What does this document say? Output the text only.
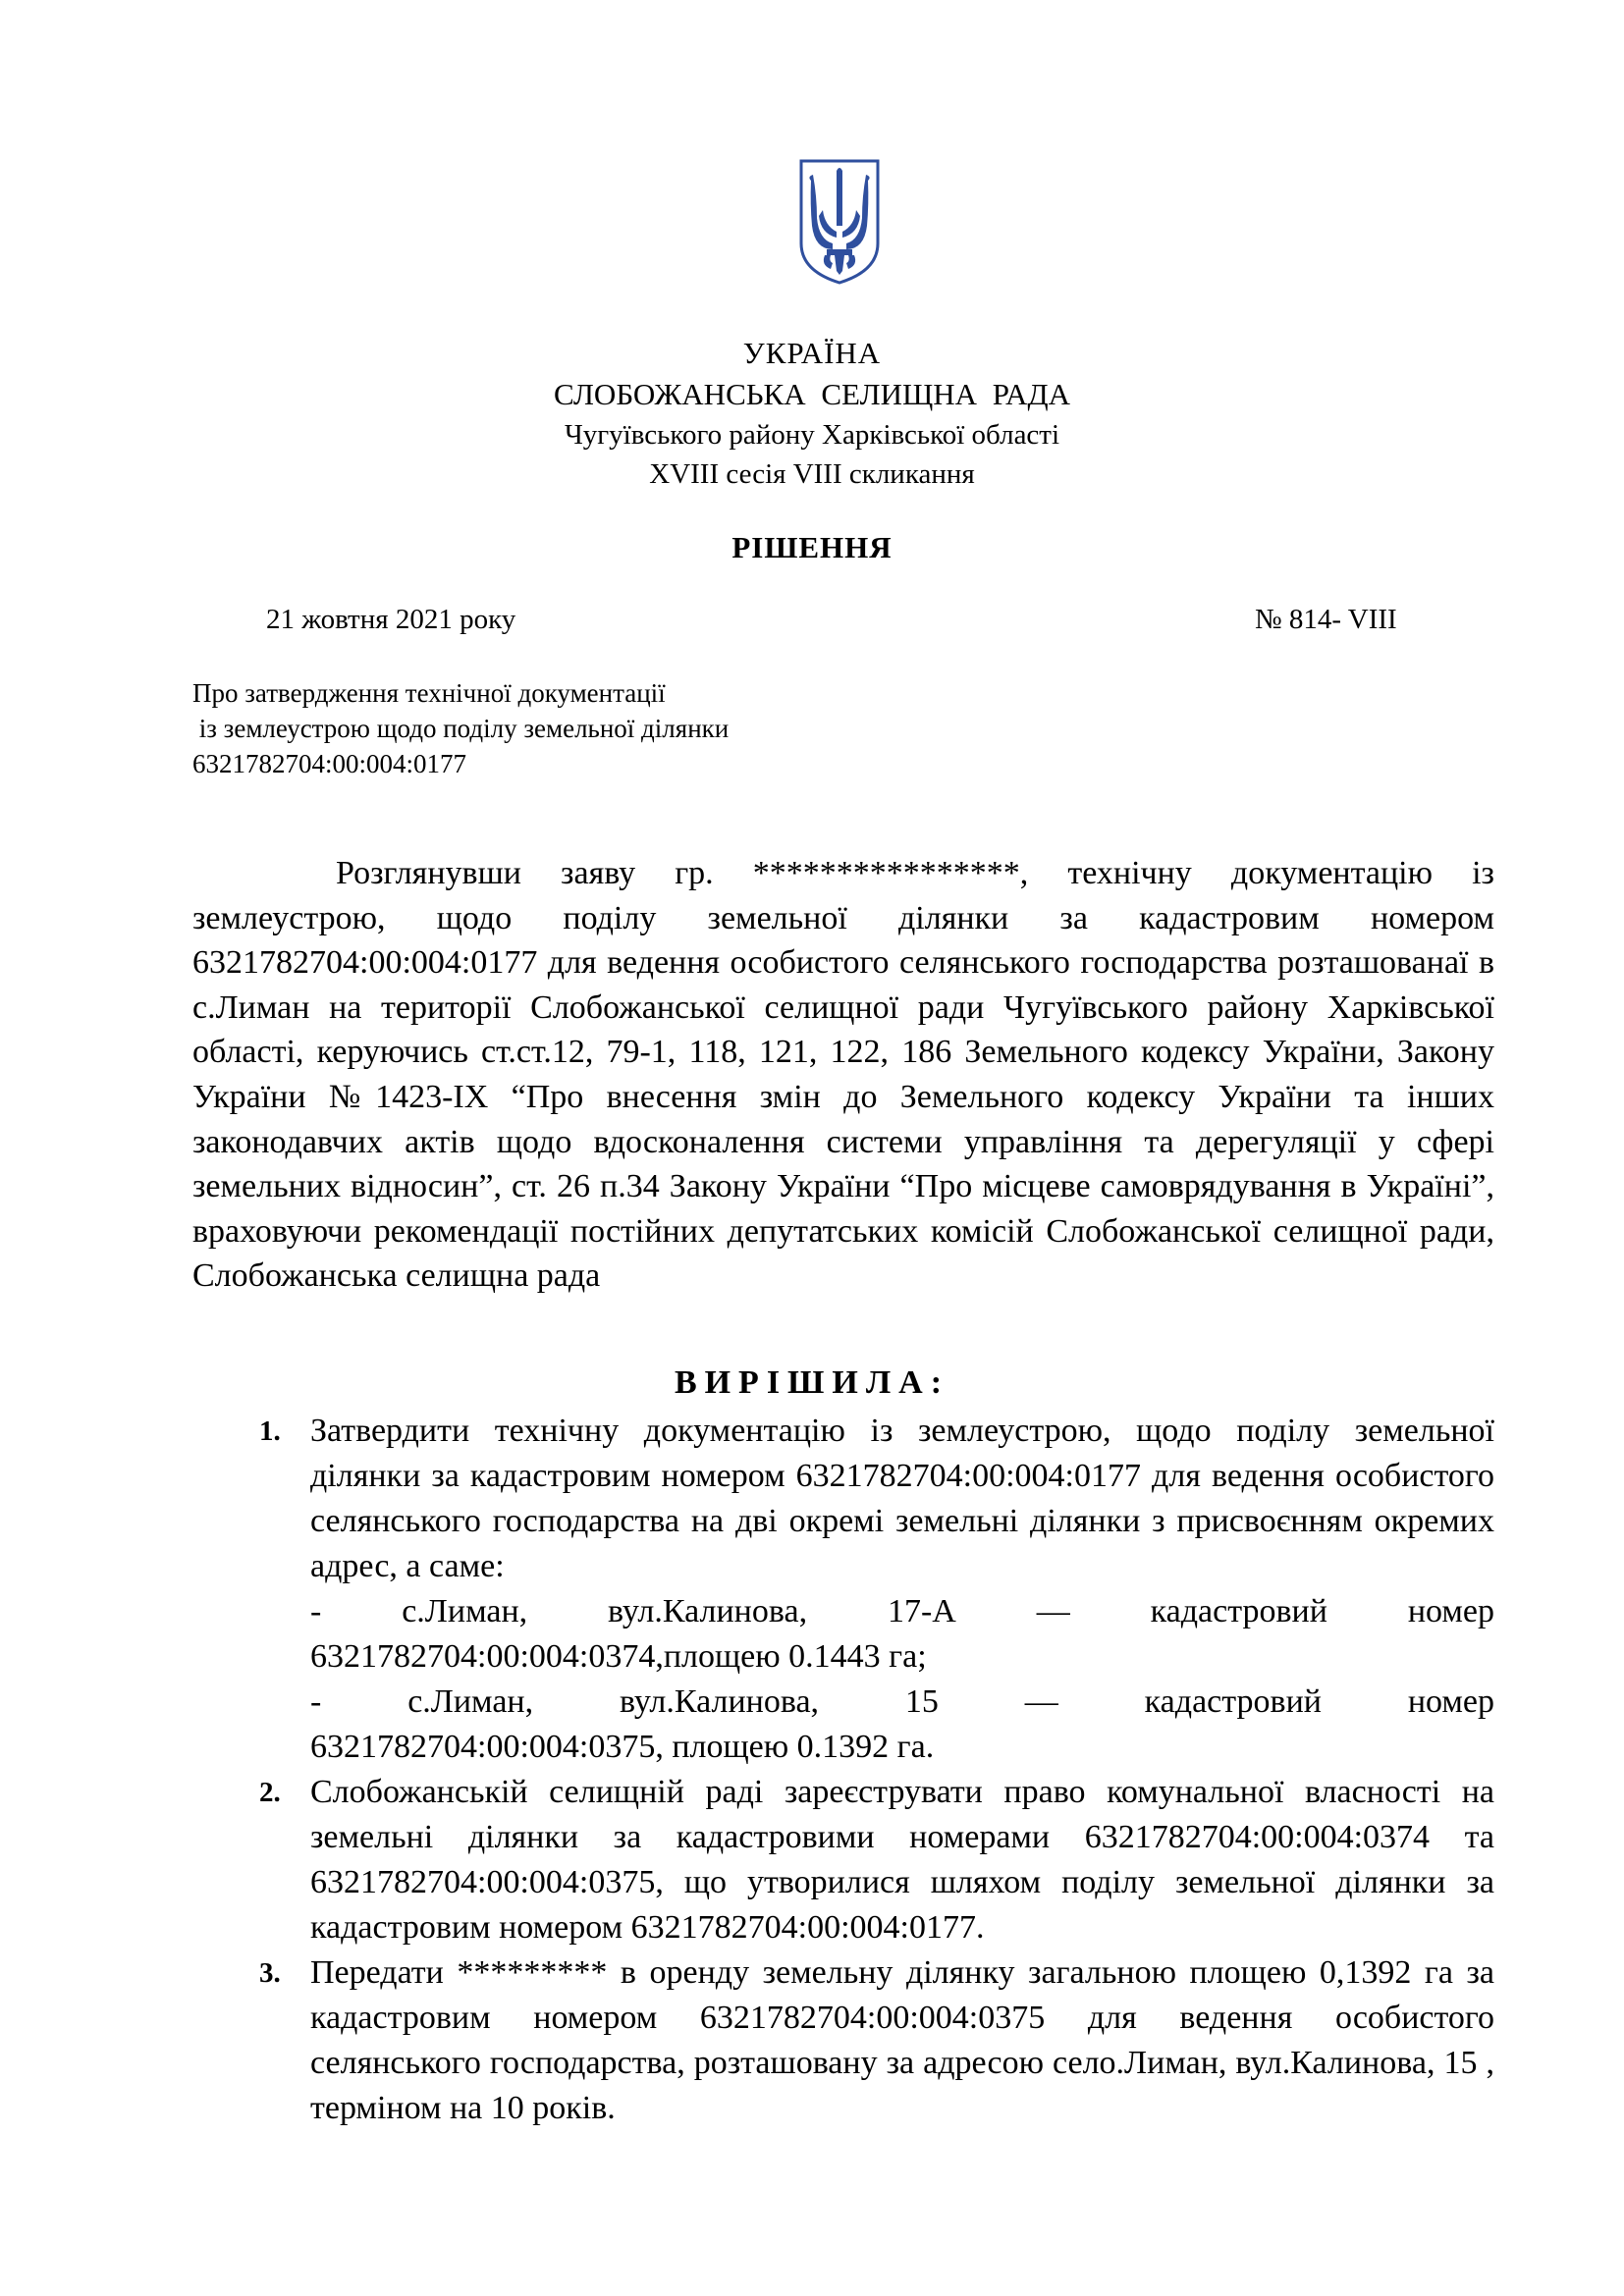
УКРАЇНА
СЛОБОЖАНСЬКА СЕЛИЩНА РАДА
Чугуївського району Харківської області
XVIII сесія VIII скликання
РІШЕННЯ
21 жовтня 2021 року	№ 814- VIII
Про затвердження технічної документації
із землеустрою щодо поділу земельної ділянки
6321782704:00:004:0177
Розглянувши заяву гр. ****************, технічну документацію із землеустрою, щодо поділу земельної ділянки за кадастровим номером 6321782704:00:004:0177 для ведення особистого селянського господарства розташованаї в с.Лиман на території Слобожанської селищної ради Чугуївського району Харківської області, керуючись ст.ст.12, 79-1, 118, 121, 122, 186 Земельного кодексу України, Закону України №1423-IX “Про внесення змін до Земельного кодексу України та інших законодавчих актів щодо вдосконалення системи управління та дерегуляції у сфері земельних відносин”, ст. 26 п.34 Закону України “Про місцеве самоврядування в Україні”, враховуючи рекомендації постійних депутатських комісій Слобожанської селищної ради, Слобожанська селищна рада
ВИРІШИЛА:
1. Затвердити технічну документацію із землеустрою, щодо поділу земельної ділянки за кадастровим номером 6321782704:00:004:0177 для ведення особистого селянського господарства на дві окремі земельні ділянки з присвоєнням окремих адрес, а саме:
- с.Лиман, вул.Калинова, 17-А — кадастровий номер
6321782704:00:004:0374,площею 0.1443 га;
-	с.Лиман,	вул.Калинова,	15	—	кадастровий	номер
6321782704:00:004:0375, площею 0.1392 га.
2. Слобожанській селищній раді зареєструвати право комунальної власності на земельні ділянки за кадастровими номерами 6321782704:00:004:0374 та 6321782704:00:004:0375, що утворилися шляхом поділу земельної ділянки за кадастровим номером 6321782704:00:004:0177.
3. Передати ********* в оренду земельну ділянку загальною площею 0,1392 га за кадастровим номером 6321782704:00:004:0375 для ведення особистого селянського господарства, розташовану за адресою село.Лиман, вул.Калинова, 15 , терміном на 10 років.
